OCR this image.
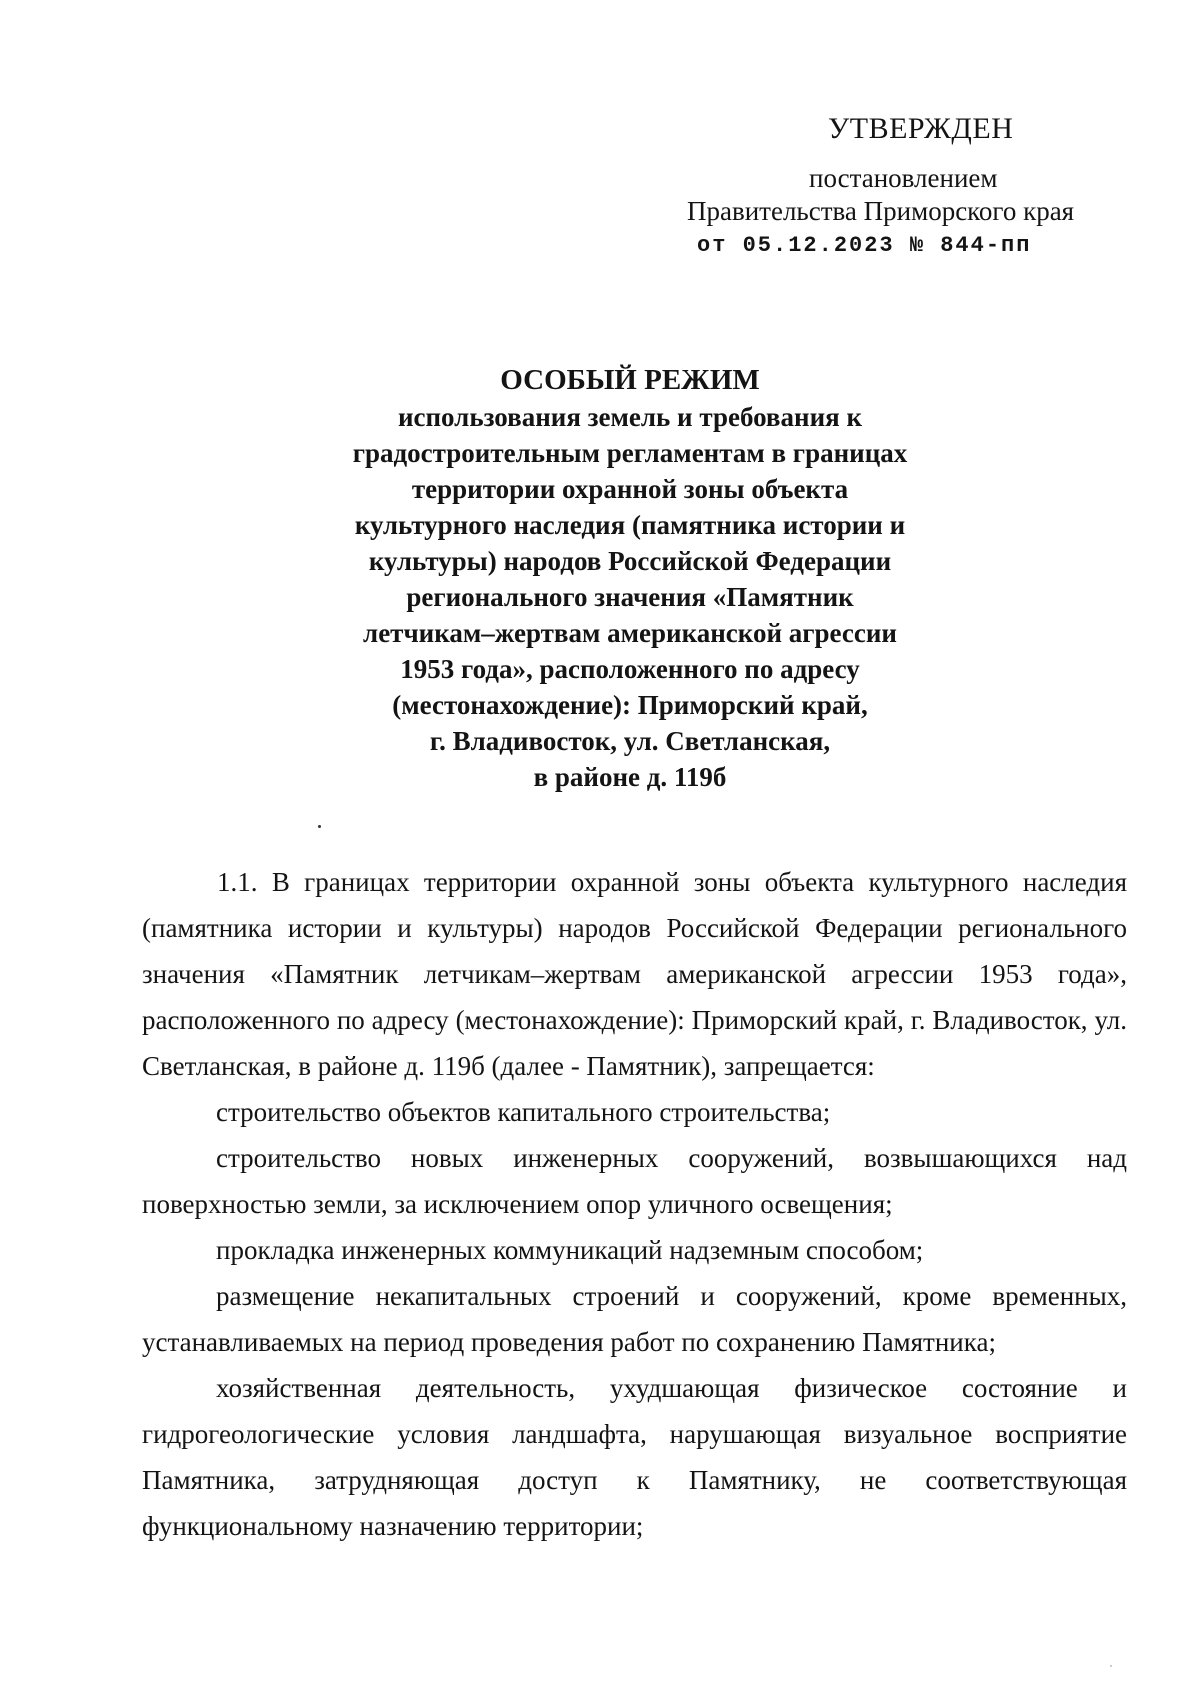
УТВЕРЖДЕН
постановлением
Правительства Приморского края
от 05.12.2023 № 844-пп
ОСОБЫЙ РЕЖИМ
использования земель и требования к
градостроительным регламентам в границах
территории охранной зоны объекта
культурного наследия (памятника истории и
культуры) народов Российской Федерации
регионального значения «Памятник
летчикам–жертвам американской агрессии
1953 года», расположенного по адресу
(местонахождение): Приморский край,
г. Владивосток, ул. Светланская,
в районе д. 119б
1.1. В границах территории охранной зоны объекта культурного наследия (памятника истории и культуры) народов Российской Федерации регионального значения «Памятник летчикам–жертвам американской агрессии 1953 года», расположенного по адресу (местонахождение): Приморский край, г. Владивосток, ул. Светланская, в районе д. 119б (далее - Памятник), запрещается:
строительство объектов капитального строительства;
строительство новых инженерных сооружений, возвышающихся над поверхностью земли, за исключением опор уличного освещения;
прокладка инженерных коммуникаций надземным способом;
размещение некапитальных строений и сооружений, кроме временных, устанавливаемых на период проведения работ по сохранению Памятника;
хозяйственная деятельность, ухудшающая физическое состояние и гидрогеологические условия ландшафта, нарушающая визуальное восприятие Памятника, затрудняющая доступ к Памятнику, не соответствующая функциональному назначению территории;
